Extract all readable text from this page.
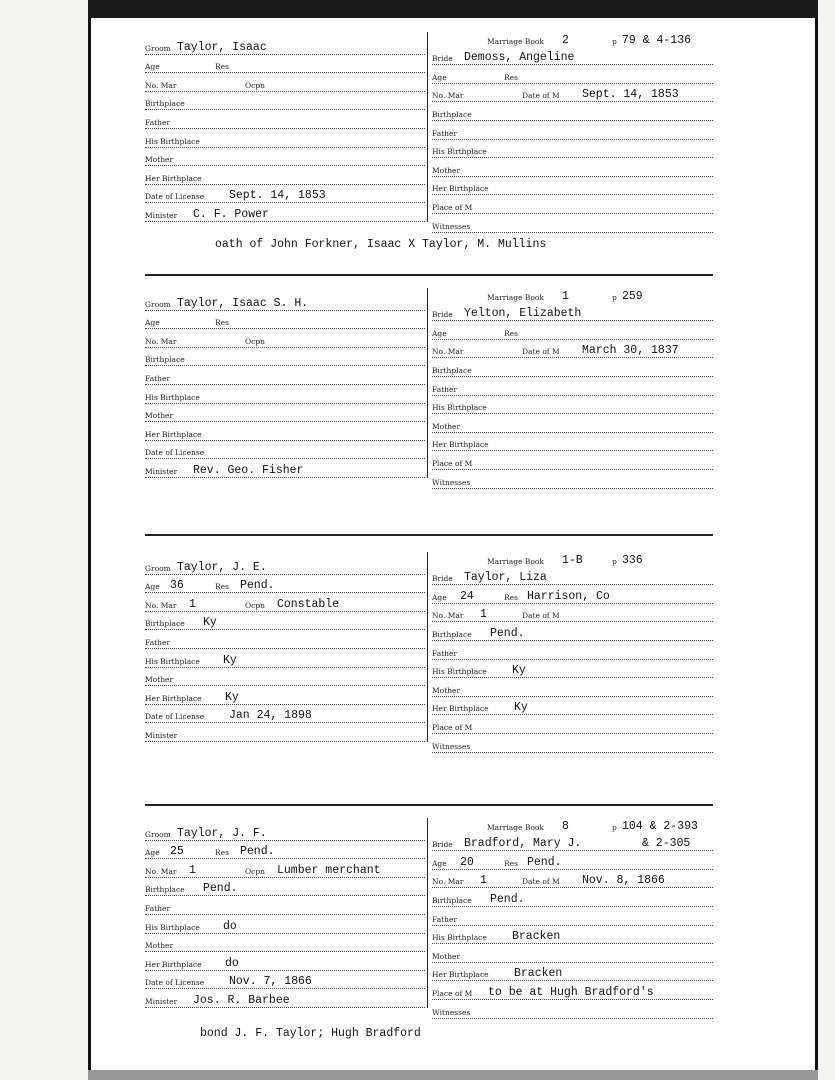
Groom Taylor, Isaac
Age	Res
No. Mar	Ocpn
Birthplace
Father
His Birthplace
Mother
Her Birthplace
Date of License Sept. 14, 1853
Minister C. F. Power
Marriage Book 2	p 79 & 4-136
Bride Demoss, Angeline
Age	Res
No. Mar	Date of M Sept. 14, 1853
Birthplace
Father
His Birthplace
Mother
Her Birthplace
Place of M
Witnesses
oath of John Forkner, Isaac X Taylor, M. Mullins
Groom Taylor, Isaac S. H.
Age	Res
No. Mar	Ocpn
Birthplace
Father
His Birthplace
Mother
Her Birthplace
Date of License
Minister Rev. Geo. Fisher
Marriage Book 1	p 259
Bride Yelton, Elizabeth
Age	Res
No. Mar	Date of M March 30, 1837
Birthplace
Father
His Birthplace
Mother
Her Birthplace
Place of M
Witnesses
Groom Taylor, J. E.
Age 36	Res Pend.
No. Mar 1	Ocpn Constable
Birthplace Ky
Father
His Birthplace Ky
Mother
Her Birthplace Ky
Date of License Jan 24, 1898
Minister
Marriage Book 1-B	p 336
Bride Taylor, Liza
Age 24	Res Harrison, Co
No. Mar 1	Date of M
Birthplace Pend.
Father
His Birthplace Ky
Mother
Her Birthplace Ky
Place of M
Witnesses
Groom Taylor, J. F.
Age 25	Res Pend.
No. Mar 1	Ocpn Lumber merchant
Birthplace Pend.
Father
His Birthplace do
Mother
Her Birthplace do
Date of License Nov. 7, 1866
Minister Jos. R. Barbee
Marriage Book 8	p 104 & 2-393
Bride Bradford, Mary J.	& 2-305
Age 20	Res Pend.
No. Mar 1	Date of M Nov. 8, 1866
Birthplace Pend.
Father
His Birthplace Bracken
Mother
Her Birthplace Bracken
Place of M to be at Hugh Bradford's
Witnesses
bond J. F. Taylor; Hugh Bradford
